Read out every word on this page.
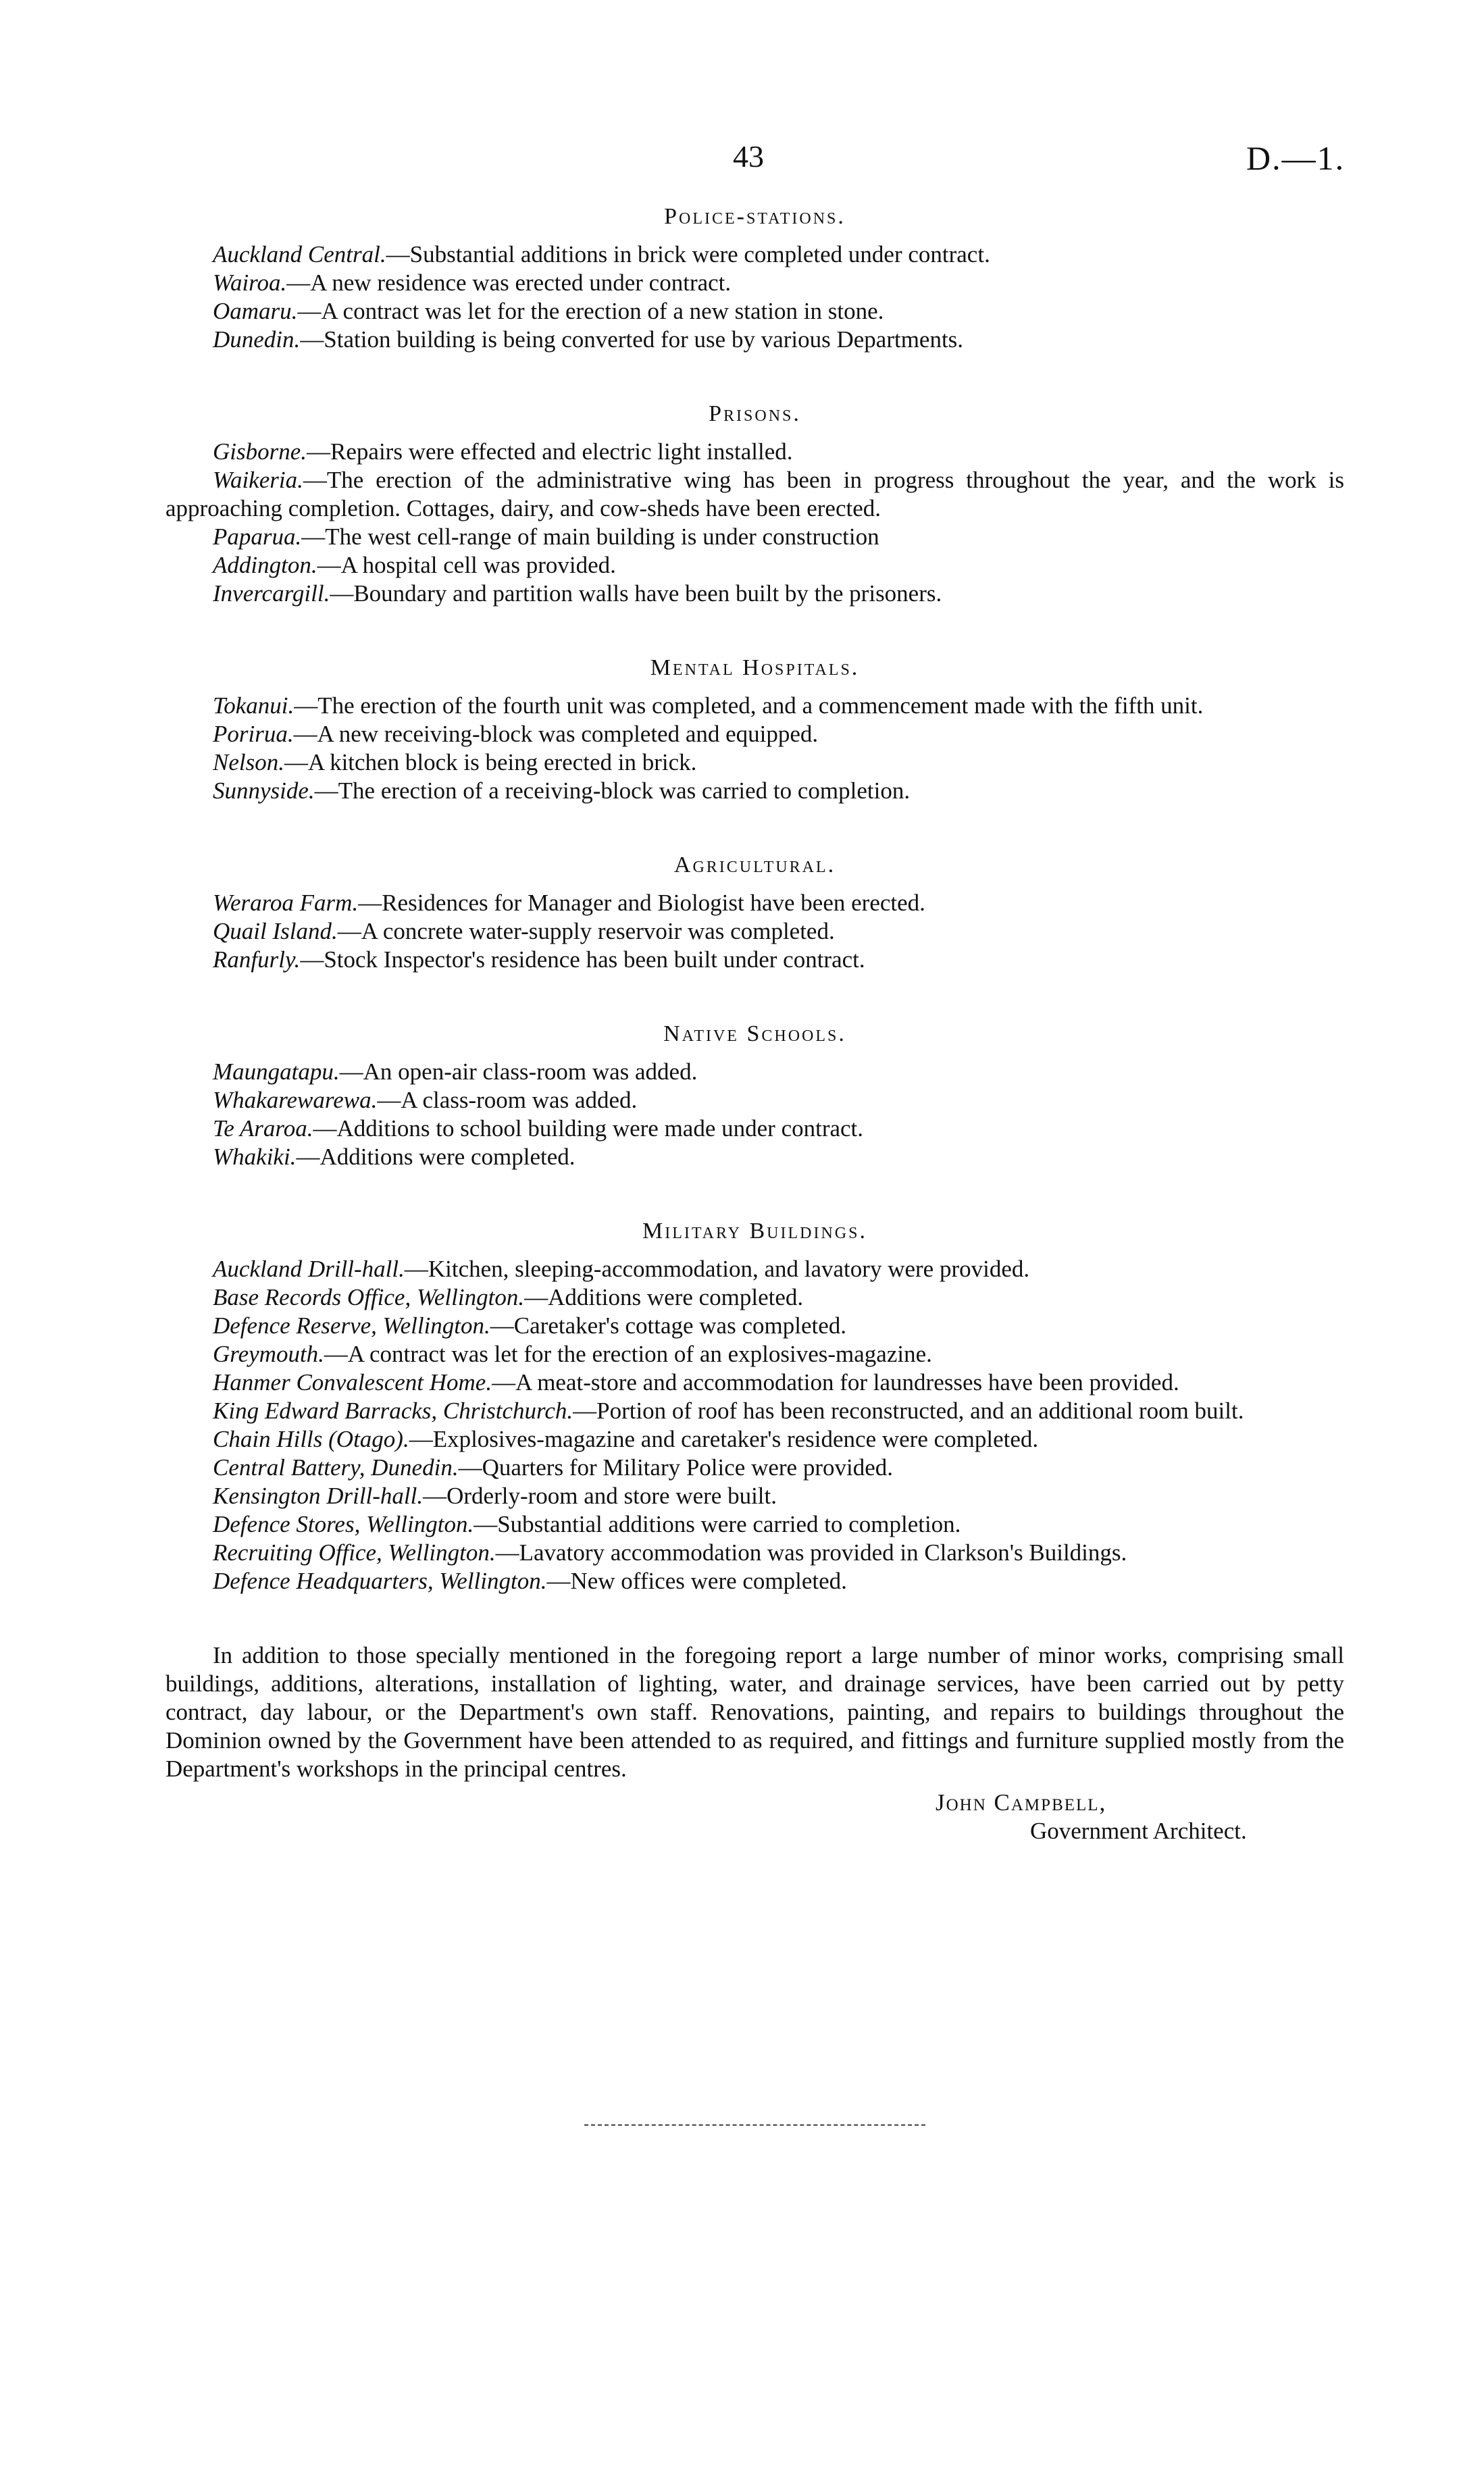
43	D.—1.
Police-stations.

Auckland Central.—Substantial additions in brick were completed under contract.

Wairoa.—A new residence was erected under contract.

Oamaru.—A contract was let for the erection of a new station in stone.

Dunedin.—Station building is being converted for use by various Departments.

Prisons.

Gisborne.—Repairs were effected and electric light installed.

Waikeria.—The erection of the administrative wing has been in progress throughout the year, and the work is approaching completion. Cottages, dairy, and cow-sheds have been erected.

Paparua.—The west cell-range of main building is under construction

Addington.—A hospital cell was provided.

Invercargill.—Boundary and partition walls have been built by the prisoners.

Mental Hospitals.

Tokanui.—The erection of the fourth unit was completed, and a commencement made with the fifth unit.

Porirua.—A new receiving-block was completed and equipped.

Nelson.—A kitchen block is being erected in brick.

Sunnyside.—The erection of a receiving-block was carried to completion.

Agricultural.

Weraroa Farm.—Residences for Manager and Biologist have been erected.

Quail Island.—A concrete water-supply reservoir was completed.

Ranfurly.—Stock Inspector's residence has been built under contract.

Native Schools.

Maungatapu.—An open-air class-room was added.

Whakarewarewa.—A class-room was added.

Te Araroa.—Additions to school building were made under contract.

Whakiki.—Additions were completed.

Military Buildings.

Auckland Drill-hall.—Kitchen, sleeping-accommodation, and lavatory were provided.

Base Records Office, Wellington.—Additions were completed.

Defence Reserve, Wellington.—Caretaker's cottage was completed.

Greymouth.—A contract was let for the erection of an explosives-magazine.

Hanmer Convalescent Home.—A meat-store and accommodation for laundresses have been provided.

King Edward Barracks, Christchurch.—Portion of roof has been reconstructed, and an additional room built.

Chain Hills (Otago).—Explosives-magazine and caretaker's residence were completed.

Central Battery, Dunedin.—Quarters for Military Police were provided.

Kensington Drill-hall.—Orderly-room and store were built.

Defence Stores, Wellington.—Substantial additions were carried to completion.

Recruiting Office, Wellington.—Lavatory accommodation was provided in Clarkson's Buildings.

Defence Headquarters, Wellington.—New offices were completed.

In addition to those specially mentioned in the foregoing report a large number of minor works, comprising small buildings, additions, alterations, installation of lighting, water, and drainage services, have been carried out by petty contract, day labour, or the Department's own staff. Renovations, painting, and repairs to buildings throughout the Dominion owned by the Government have been attended to as required, and fittings and furniture supplied mostly from the Department's workshops in the principal centres.

John Campbell,
Government Architect.
